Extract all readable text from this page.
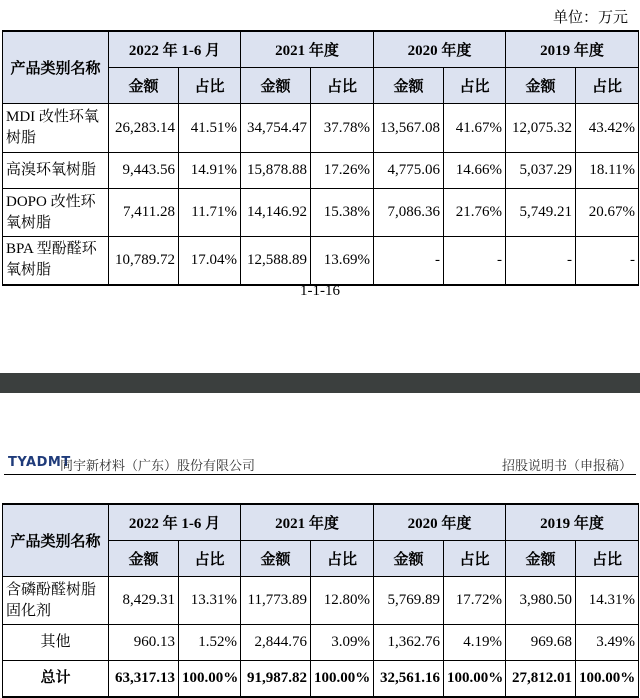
单位：万元
产品类别名称	2022 年 1-6 月		2021 年度		2020 年度		2019 年度	
	金额	占比	金额	占比	金额	占比	金额	占比
MDI 改性环氧树脂	26,283.14	41.51%	34,754.47	37.78%	13,567.08	41.67%	12,075.32	43.42%
高溴环氧树脂	9,443.56	14.91%	15,878.88	17.26%	4,775.06	14.66%	5,037.29	18.11%
DOPO 改性环氧树脂	7,411.28	11.71%	14,146.92	15.38%	7,086.36	21.76%	5,749.21	20.67%
BPA 型酚醛环氧树脂	10,789.72	17.04%	12,588.89	13.69%	-	-	-	-
1-1-16
TYADMT
同宇新材料（广东）股份有限公司	招股说明书（申报稿）
产品类别名称	2022 年 1-6 月		2021 年度		2020 年度		2019 年度	
	金额	占比	金额	占比	金额	占比	金额	占比
含磷酚醛树脂固化剂	8,429.31	13.31%	11,773.89	12.80%	5,769.89	17.72%	3,980.50	14.31%
其他	960.13	1.52%	2,844.76	3.09%	1,362.76	4.19%	969.68	3.49%
总计	63,317.13	100.00%	91,987.82	100.00%	32,561.16	100.00%	27,812.01	100.00%
